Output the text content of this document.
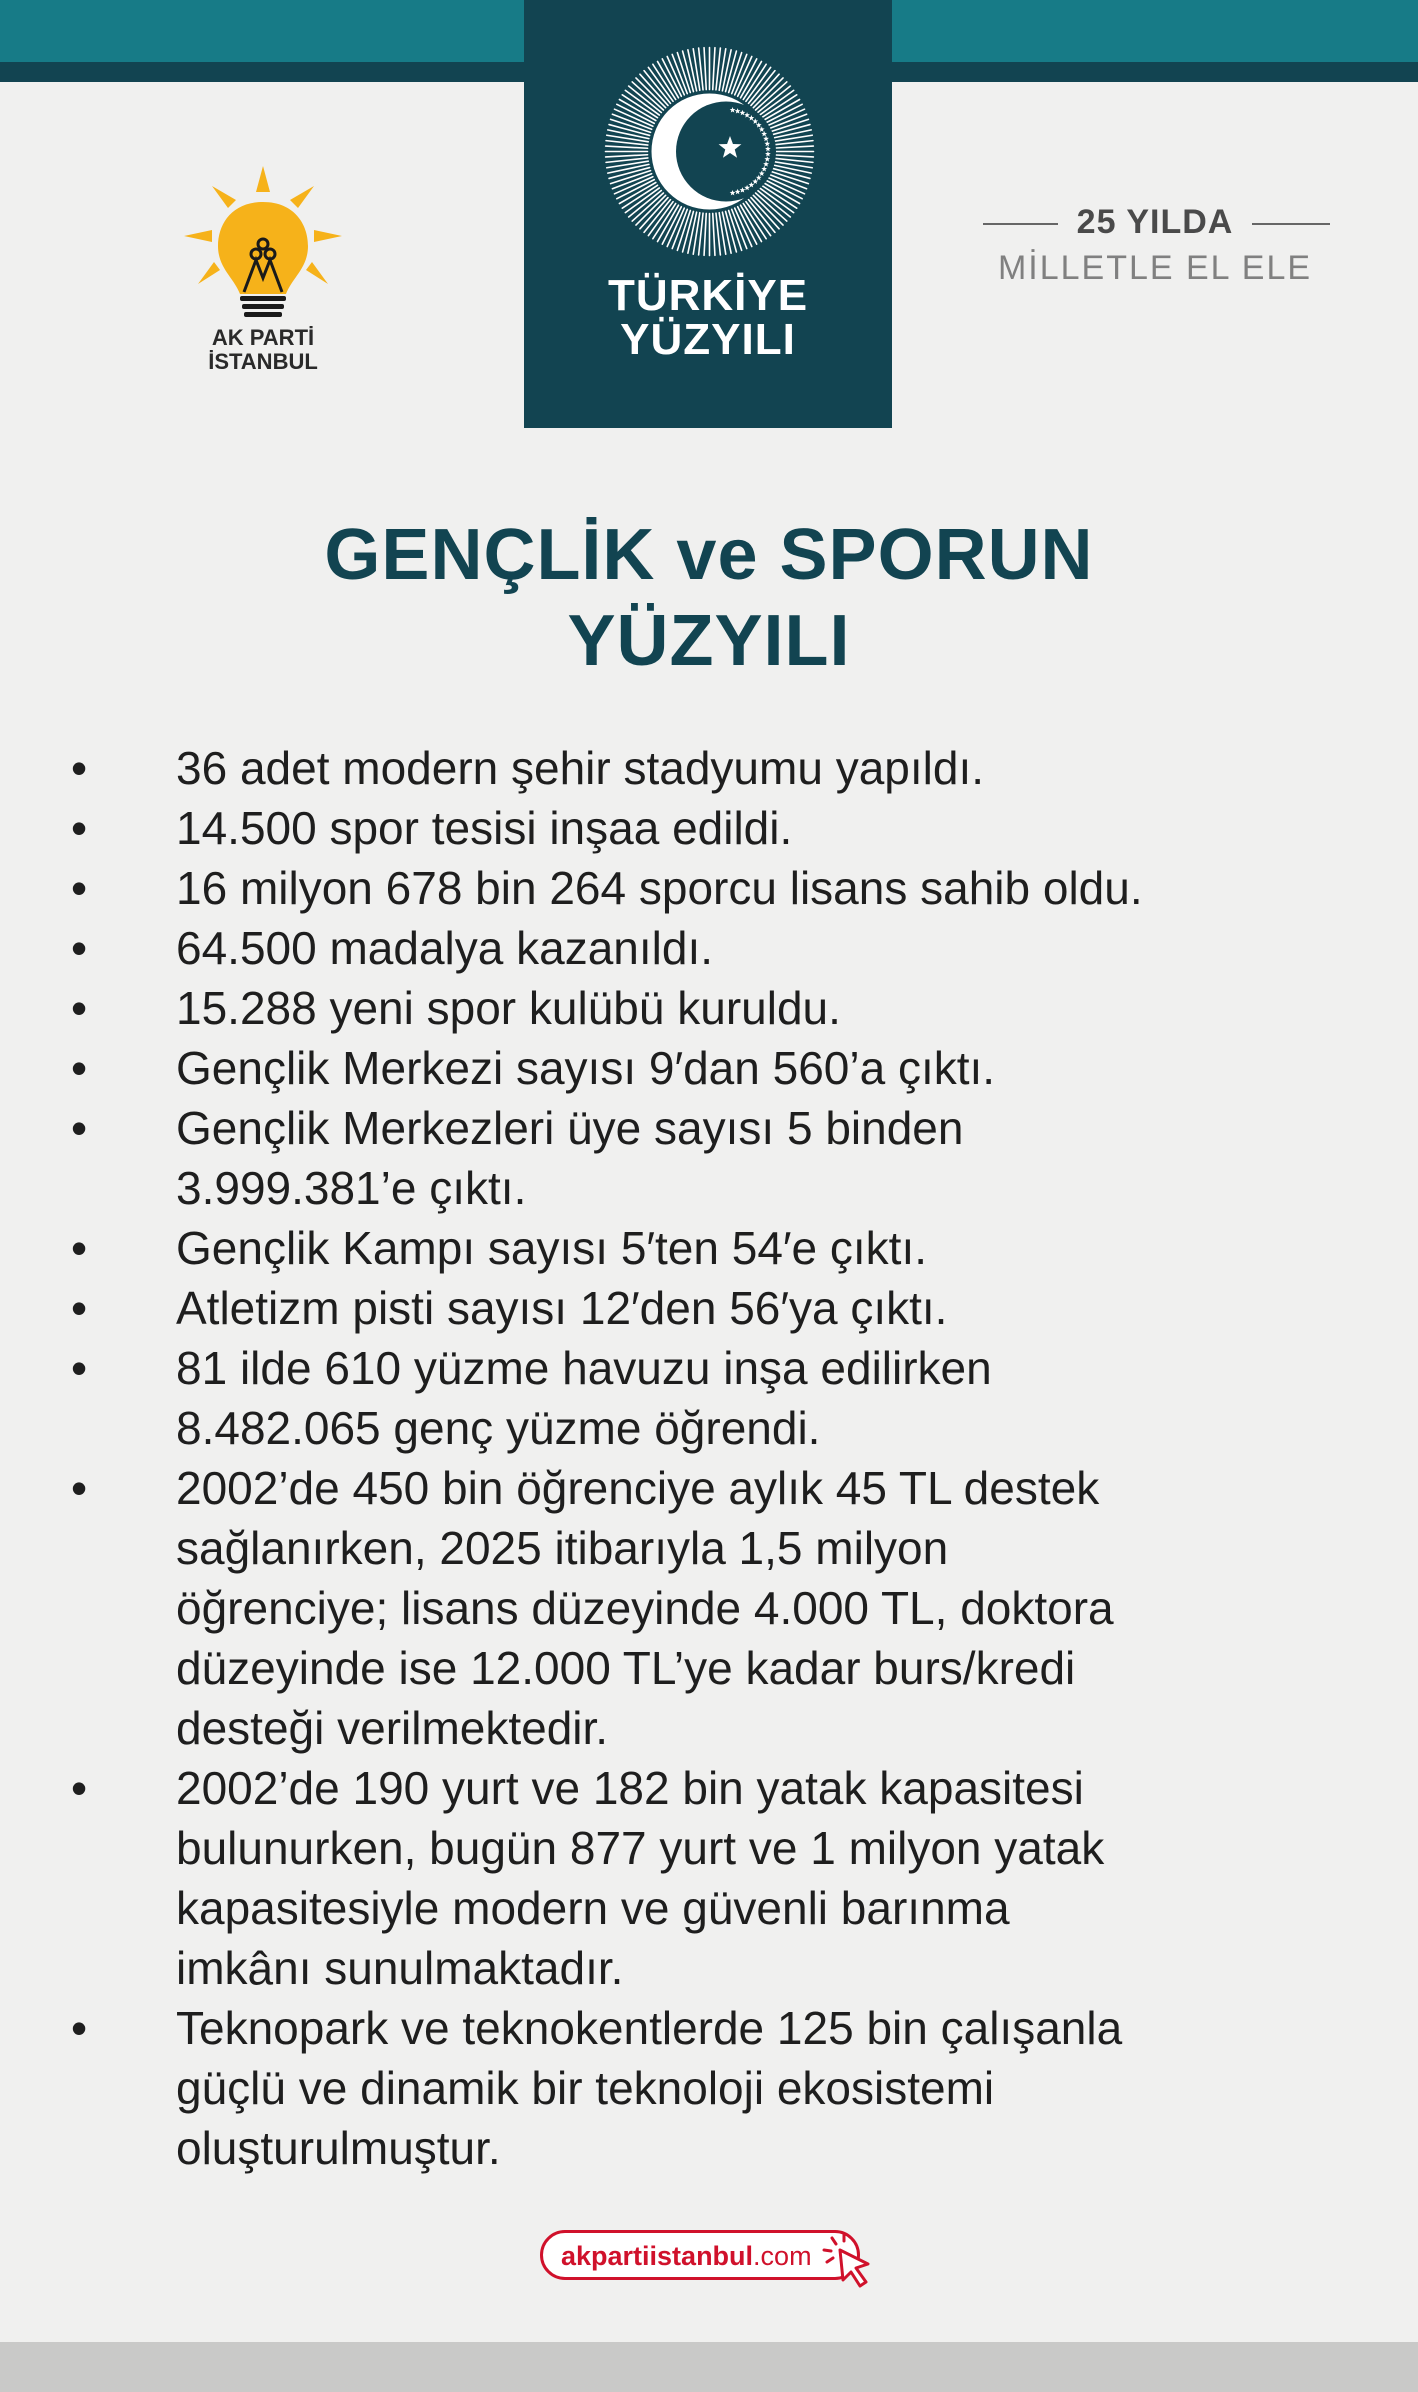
TÜRKİYE
YÜZYILI
AK PARTİ
İSTANBUL
25 YILDA
MİLLETLE EL ELE
GENÇLİK ve SPORUN
YÜZYILI
• 36 adet modern şehir stadyumu yapıldı.
• 14.500 spor tesisi inşaa edildi.
• 16 milyon 678 bin 264 sporcu lisans sahib oldu.
• 64.500 madalya kazanıldı.
• 15.288 yeni spor kulübü kuruldu.
• Gençlik Merkezi sayısı 9′dan 560’a çıktı.
• Gençlik Merkezleri üye sayısı 5 binden
3.999.381’e çıktı.
• Gençlik Kampı sayısı 5′ten 54′e çıktı.
• Atletizm pisti sayısı 12′den 56′ya çıktı.
• 81 ilde 610 yüzme havuzu inşa edilirken
8.482.065 genç yüzme öğrendi.
• 2002’de 450 bin öğrenciye aylık 45 TL destek
sağlanırken, 2025 itibarıyla 1,5 milyon
öğrenciye; lisans düzeyinde 4.000 TL, doktora
düzeyinde ise 12.000 TL’ye kadar burs/kredi
desteği verilmektedir.
• 2002’de 190 yurt ve 182 bin yatak kapasitesi
bulunurken, bugün 877 yurt ve 1 milyon yatak
kapasitesiyle modern ve güvenli barınma
imkânı sunulmaktadır.
• Teknopark ve teknokentlerde 125 bin çalışanla
güçlü ve dinamik bir teknoloji ekosistemi
oluşturulmuştur.
akpartiistanbul.com
